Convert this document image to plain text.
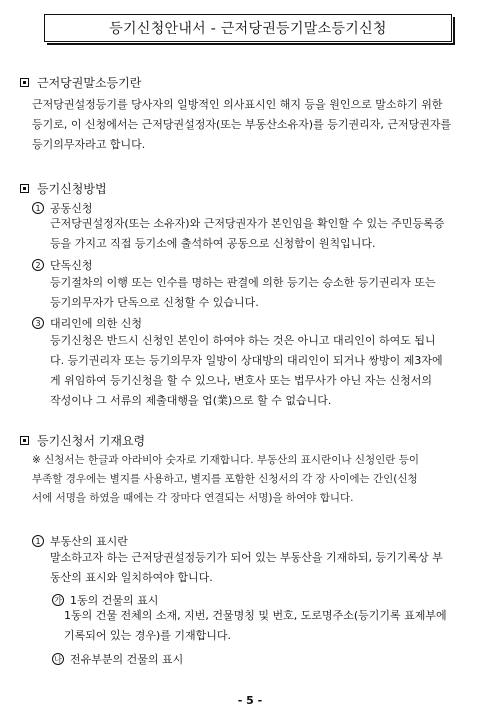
등기신청안내서 - 근저당권등기말소등기신청
근저당권말소등기란
근저당권설정등기를 당사자의 일방적인 의사표시인 해지 등을 원인으로 말소하기 위한
등기로, 이 신청에서는 근저당권설정자(또는 부동산소유자)를 등기권리자, 근저당권자를
등기의무자라고 합니다.
등기신청방법
1 공동신청
근저당권설정자(또는 소유자)와 근저당권자가 본인임을 확인할 수 있는 주민등록증
등을 가지고 직접 등기소에 출석하여 공동으로 신청함이 원칙입니다.
2 단독신청
등기절차의 이행 또는 인수를 명하는 판결에 의한 등기는 승소한 등기권리자 또는
등기의무자가 단독으로 신청할 수 있습니다.
3 대리인에 의한 신청
등기신청은 반드시 신청인 본인이 하여야 하는 것은 아니고 대리인이 하여도 됩니
다. 등기권리자 또는 등기의무자 일방이 상대방의 대리인이 되거나 쌍방이 제3자에
게 위임하여 등기신청을 할 수 있으나, 변호사 또는 법무사가 아닌 자는 신청서의
작성이나 그 서류의 제출대행을 업(業)으로 할 수 없습니다.
등기신청서 기재요령
※ 신청서는 한글과 아라비아 숫자로 기재합니다. 부동산의 표시란이나 신청인란 등이
부족할 경우에는 별지를 사용하고, 별지를 포함한 신청서의 각 장 사이에는 간인(신청
서에 서명을 하였을 때에는 각 장마다 연결되는 서명)을 하여야 합니다.
1 부동산의 표시란
말소하고자 하는 근저당권설정등기가 되어 있는 부동산을 기재하되, 등기기록상 부
동산의 표시와 일치하여야 합니다.
가 1동의 건물의 표시
1동의 건물 전체의 소재, 지번, 건물명칭 및 번호, 도로명주소(등기기록 표제부에
기록되어 있는 경우)를 기재합니다.
나 전유부분의 건물의 표시
- 5 -
